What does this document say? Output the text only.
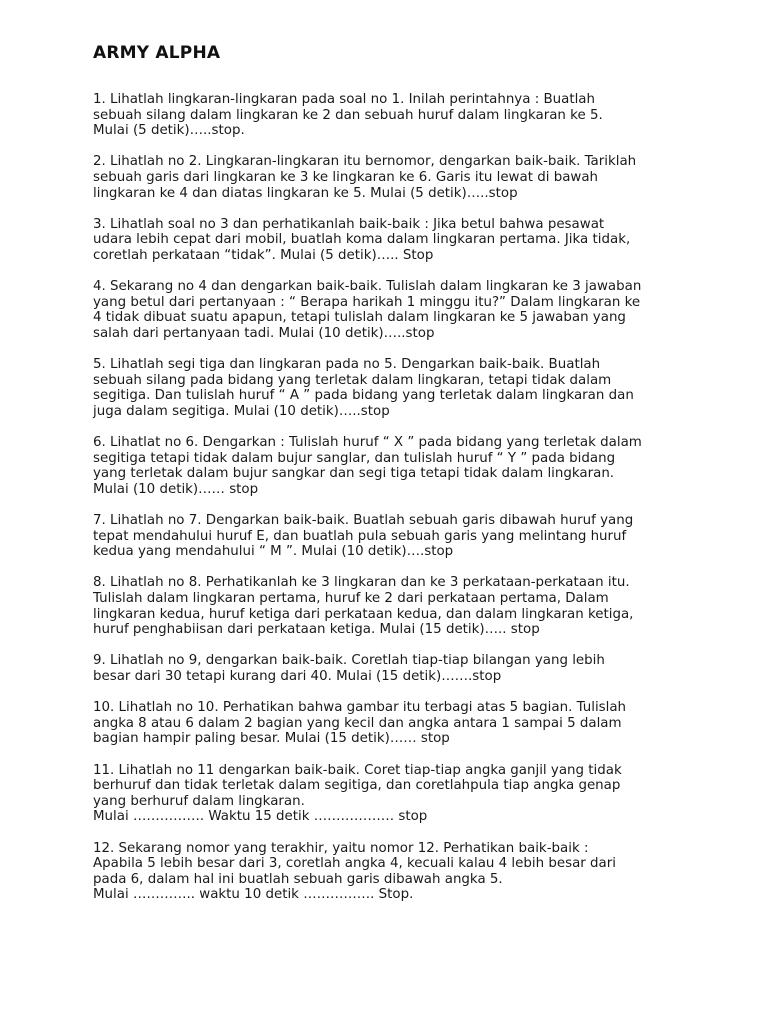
ARMY ALPHA

1. Lihatlah lingkaran-lingkaran pada soal no 1. Inilah perintahnya : Buatlah
sebuah silang dalam lingkaran ke 2 dan sebuah huruf dalam lingkaran ke 5.
Mulai (5 detik)…..stop.

2. Lihatlah no 2. Lingkaran-lingkaran itu bernomor, dengarkan baik-baik. Tariklah
sebuah garis dari lingkaran ke 3 ke lingkaran ke 6. Garis itu lewat di bawah
lingkaran ke 4 dan diatas lingkaran ke 5. Mulai (5 detik)…..stop

3. Lihatlah soal no 3 dan perhatikanlah baik-baik : Jika betul bahwa pesawat
udara lebih cepat dari mobil, buatlah koma dalam lingkaran pertama. Jika tidak,
coretlah perkataan “tidak”. Mulai (5 detik)….. Stop

4. Sekarang no 4 dan dengarkan baik-baik. Tulislah dalam lingkaran ke 3 jawaban
yang betul dari pertanyaan : “ Berapa harikah 1 minggu itu?” Dalam lingkaran ke
4 tidak dibuat suatu apapun, tetapi tulislah dalam lingkaran ke 5 jawaban yang
salah dari pertanyaan tadi. Mulai (10 detik)…..stop

5. Lihatlah segi tiga dan lingkaran pada no 5. Dengarkan baik-baik. Buatlah
sebuah silang pada bidang yang terletak dalam lingkaran, tetapi tidak dalam
segitiga. Dan tulislah huruf “ A ” pada bidang yang terletak dalam lingkaran dan
juga dalam segitiga. Mulai (10 detik)…..stop

6. Lihatlat no 6. Dengarkan : Tulislah huruf “ X ” pada bidang yang terletak dalam
segitiga tetapi tidak dalam bujur sanglar, dan tulislah huruf “ Y ” pada bidang
yang terletak dalam bujur sangkar dan segi tiga tetapi tidak dalam lingkaran.
Mulai (10 detik)…… stop

7. Lihatlah no 7. Dengarkan baik-baik. Buatlah sebuah garis dibawah huruf yang
tepat mendahului huruf E, dan buatlah pula sebuah garis yang melintang huruf
kedua yang mendahului “ M ”. Mulai (10 detik)….stop

8. Lihatlah no 8. Perhatikanlah ke 3 lingkaran dan ke 3 perkataan-perkataan itu.
Tulislah dalam lingkaran pertama, huruf ke 2 dari perkataan pertama, Dalam
lingkaran kedua, huruf ketiga dari perkataan kedua, dan dalam lingkaran ketiga,
huruf penghabiisan dari perkataan ketiga. Mulai (15 detik)….. stop

9. Lihatlah no 9, dengarkan baik-baik. Coretlah tiap-tiap bilangan yang lebih
besar dari 30 tetapi kurang dari 40. Mulai (15 detik)…….stop

10. Lihatlah no 10. Perhatikan bahwa gambar itu terbagi atas 5 bagian. Tulislah
angka 8 atau 6 dalam 2 bagian yang kecil dan angka antara 1 sampai 5 dalam
bagian hampir paling besar. Mulai (15 detik)…… stop

11. Lihatlah no 11 dengarkan baik-baik. Coret tiap-tiap angka ganjil yang tidak
berhuruf dan tidak terletak dalam segitiga, dan coretlahpula tiap angka genap
yang berhuruf dalam lingkaran.
Mulai ……………. Waktu 15 detik ……………… stop

12. Sekarang nomor yang terakhir, yaitu nomor 12. Perhatikan baik-baik :
Apabila 5 lebih besar dari 3, coretlah angka 4, kecuali kalau 4 lebih besar dari
pada 6, dalam hal ini buatlah sebuah garis dibawah angka 5.
Mulai ………….. waktu 10 detik ……………. Stop.
